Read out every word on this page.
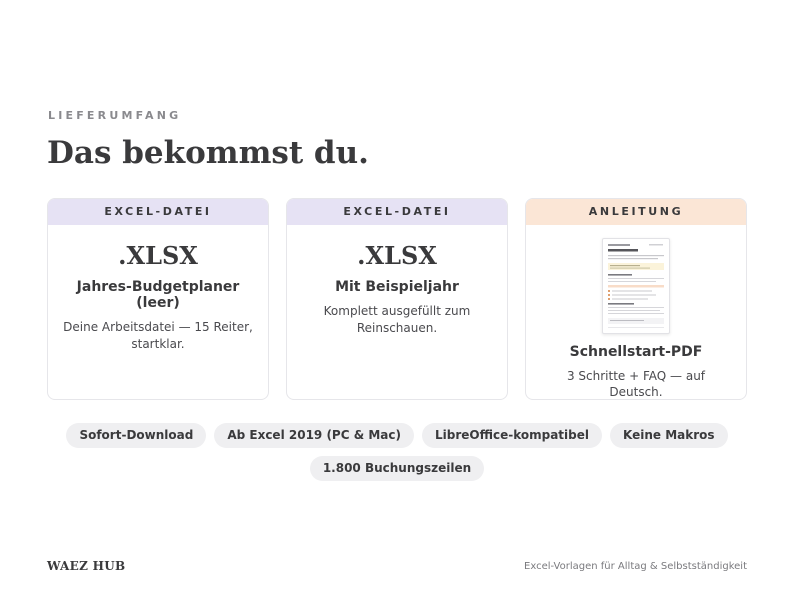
LIEFERUMFANG
Das bekommst du.
EXCEL-DATEI
.XLSX
Jahres-Budgetplaner (leer)
Deine Arbeitsdatei — 15 Reiter, startklar.
EXCEL-DATEI
.XLSX
Mit Beispieljahr
Komplett ausgefüllt zum Reinschauen.
ANLEITUNG
Schnellstart-PDF
3 Schritte + FAQ — auf Deutsch.
Sofort-Download	Ab Excel 2019 (PC & Mac)	LibreOffice-kompatibel	Keine Makros
1.800 Buchungszeilen
WAEZ HUB	Excel-Vorlagen für Alltag & Selbstständigkeit
